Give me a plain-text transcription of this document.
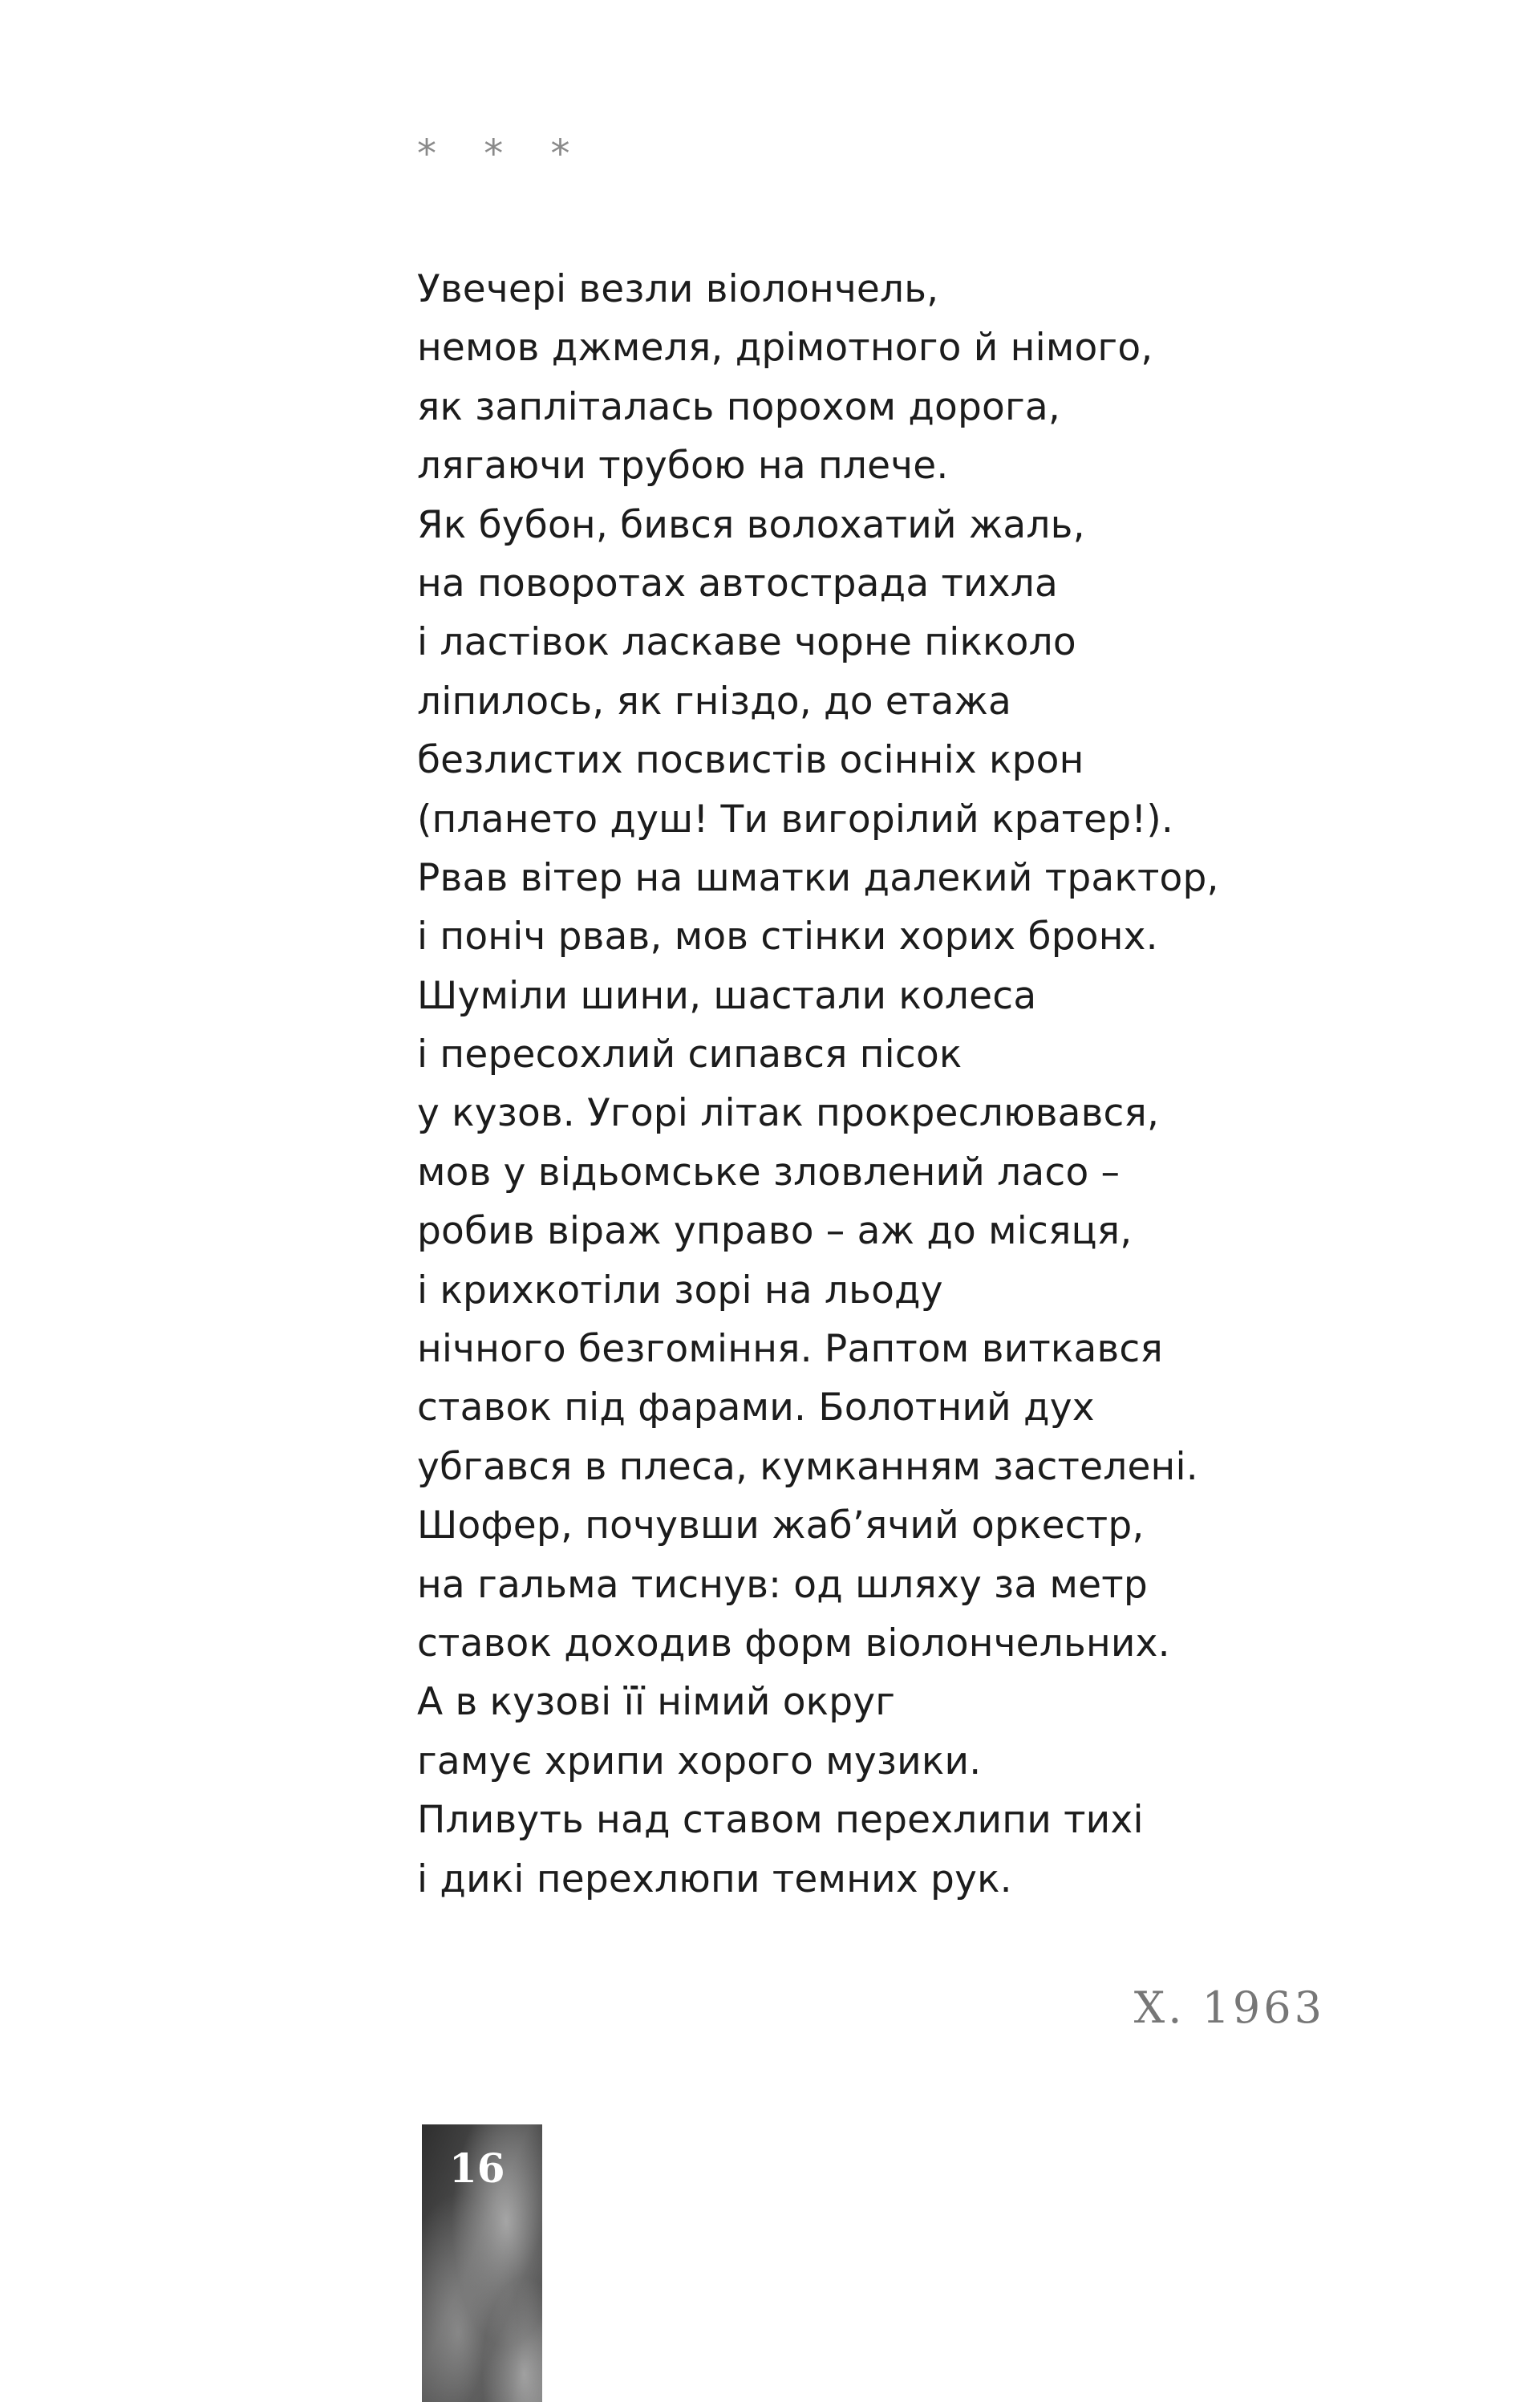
* * *
Увечері везли віолончель,
немов джмеля, дрімотного й німого,
як запліталась порохом дорога,
лягаючи трубою на плече.
Як бубон, бився волохатий жаль,
на поворотах автострада тихла
і ластівок ласкаве чорне пікколо
ліпилось, як гніздо, до етажа
безлистих посвистів осінніх крон
(плането душ! Ти вигорілий кратер!).
Рвав вітер на шматки далекий трактор,
і поніч рвав, мов стінки хорих бронх.
Шуміли шини, шастали колеса
і пересохлий сипався пісок
у кузов. Угорі літак прокреслювався,
мов у відьомське зловлений ласо –
робив віраж управо – аж до місяця,
і крихкотіли зорі на льоду
нічного безгоміння. Раптом виткався
ставок під фарами. Болотний дух
убгався в плеса, кумканням застелені.
Шофер, почувши жаб’ячий оркестр,
на гальма тиснув: од шляху за метр
ставок доходив форм віолончельних.
А в кузові її німий округ
гамує хрипи хорого музики.
Пливуть над ставом перехлипи тихі
і дикі перехлюпи темних рук.
X. 1963
16
